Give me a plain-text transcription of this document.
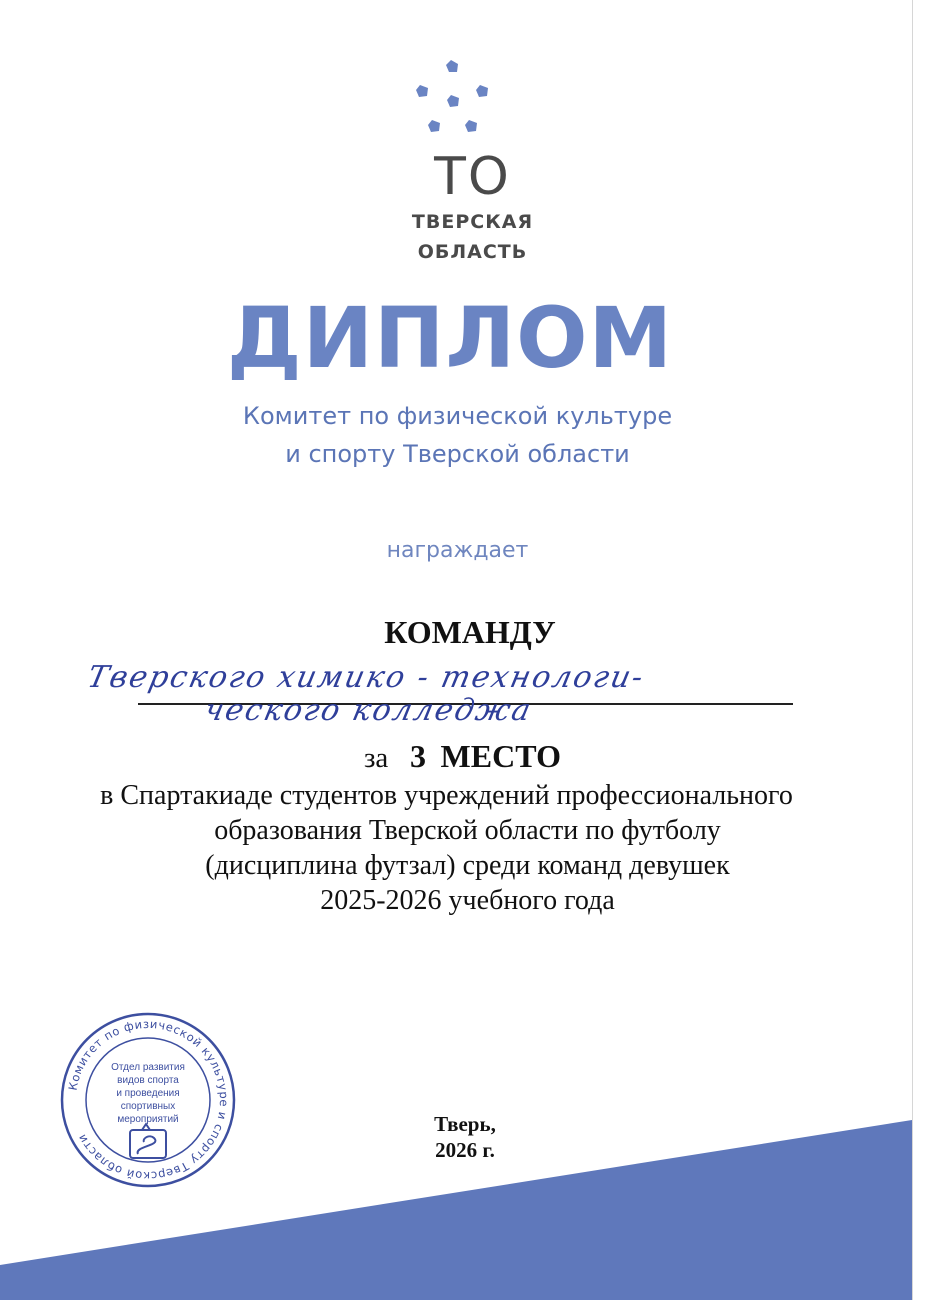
ТО
ТВЕРСКАЯ
ОБЛАСТЬ
ДИПЛОМ
Комитет по физической культуре
и спорту Тверской области
награждает
КОМАНДУ
Тверского химико - технологи-
ческого колледжа
за 3 МЕСТО
в Спартакиаде студентов учреждений профессионального
образования Тверской области по футболу
(дисциплина футзал) среди команд девушек
2025-2026 учебного года
Тверь,
2026 г.
Комитет по физической культуре и спорту Тверской области
Отдел развития
видов спорта
и проведения
спортивных
мероприятий
